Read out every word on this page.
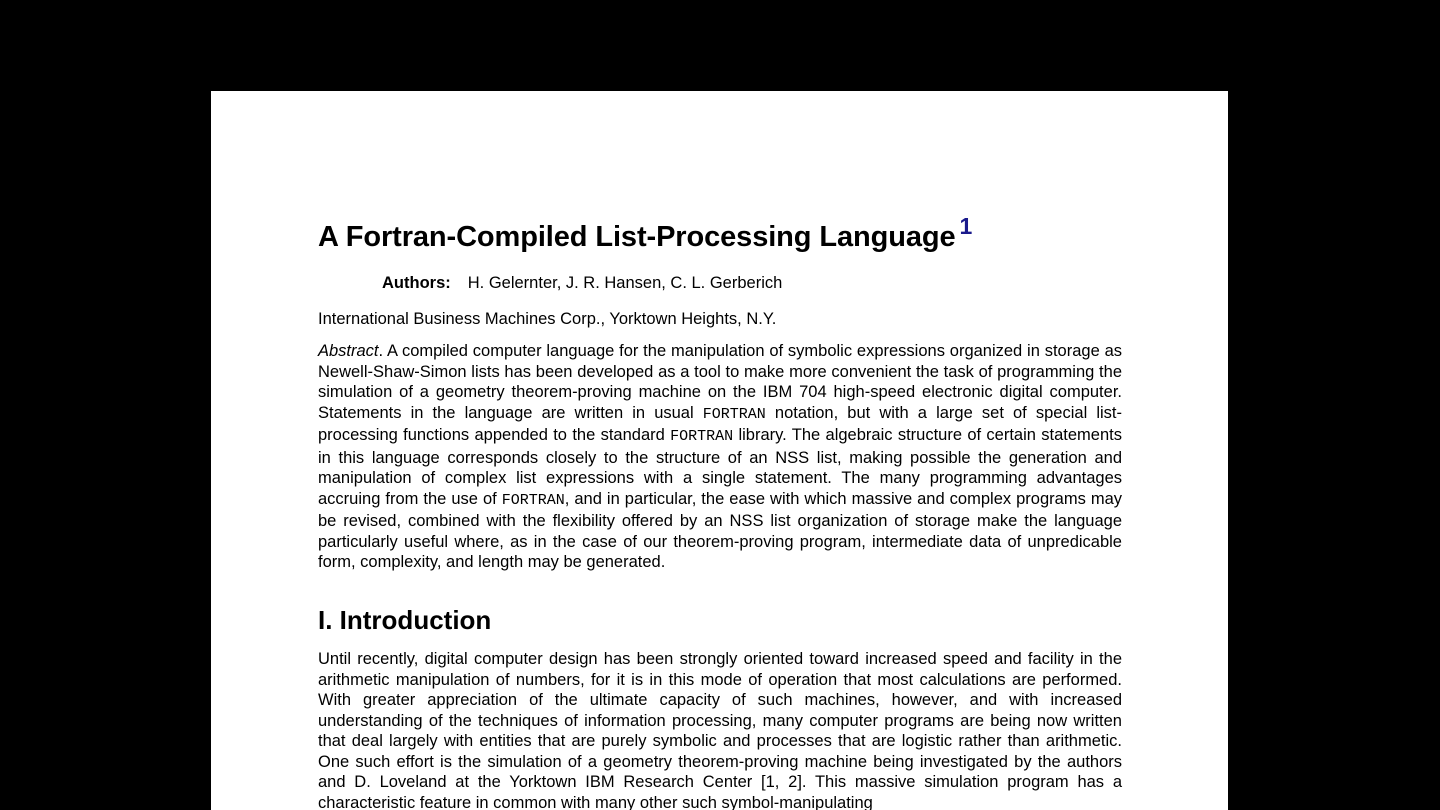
A Fortran-Compiled List-Processing Language $^1$
Authors: H. Gelernter, J. R. Hansen, C. L. Gerberich
International Business Machines Corp., Yorktown Heights, N.Y.

Abstract. A compiled computer language for the manipulation of symbolic expressions organized in storage as Newell-Shaw-Simon lists has been developed as a tool to make more convenient the task of programming the simulation of a geometry theorem-proving machine on the IBM 704 high-speed electronic digital computer. Statements in the language are written in usual FORTRAN notation, but with a large set of special list-processing functions appended to the standard FORTRAN library. The algebraic structure of certain statements in this language corresponds closely to the structure of an NSS list, making possible the generation and manipulation of complex list expressions with a single statement. The many programming advantages accruing from the use of FORTRAN, and in particular, the ease with which massive and complex programs may be revised, combined with the flexibility offered by an NSS list organization of storage make the language particularly useful where, as in the case of our theorem-proving program, intermediate data of unpredicable form, complexity, and length may be generated.

I. Introduction

Until recently, digital computer design has been strongly oriented toward increased speed and facility in the arithmetic manipulation of numbers, for it is in this mode of operation that most calculations are performed. With greater appreciation of the ultimate capacity of such machines, however, and with increased understanding of the techniques of information processing, many computer programs are being now written that deal largely with entities that are purely symbolic and processes that are logistic rather than arithmetic. One such effort is the simulation of a geometry theorem-proving machine being investigated by the authors and D. Loveland at the Yorktown IBM Research Center [1, 2]. This massive simulation program has a characteristic feature in common with many other such symbol-manipulating
